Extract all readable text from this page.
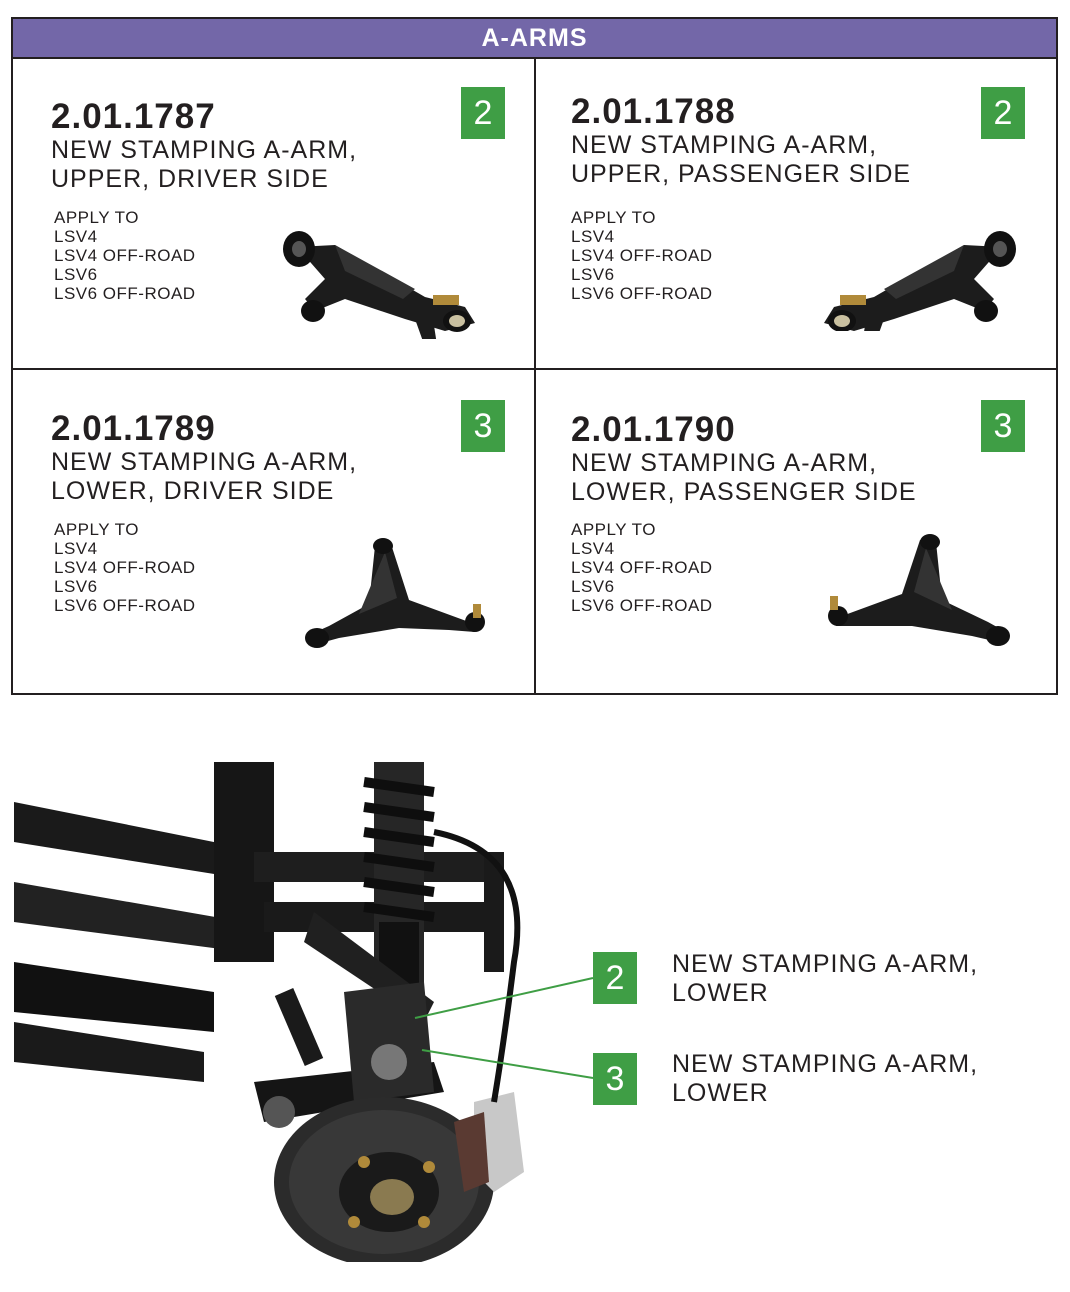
A-ARMS
2.01.1787
NEW STAMPING A-ARM,
UPPER, DRIVER SIDE
2
APPLY TO
LSV4
LSV4 OFF-ROAD
LSV6
LSV6 OFF-ROAD
2.01.1788
NEW STAMPING A-ARM,
UPPER, PASSENGER SIDE
2
APPLY TO
LSV4
LSV4 OFF-ROAD
LSV6
LSV6 OFF-ROAD
2.01.1789
NEW STAMPING A-ARM,
LOWER, DRIVER SIDE
3
APPLY TO
LSV4
LSV4 OFF-ROAD
LSV6
LSV6 OFF-ROAD
2.01.1790
NEW STAMPING A-ARM,
LOWER, PASSENGER SIDE
3
APPLY TO
LSV4
LSV4 OFF-ROAD
LSV6
LSV6 OFF-ROAD
2	NEW STAMPING A-ARM,
LOWER
3	NEW STAMPING A-ARM,
LOWER
